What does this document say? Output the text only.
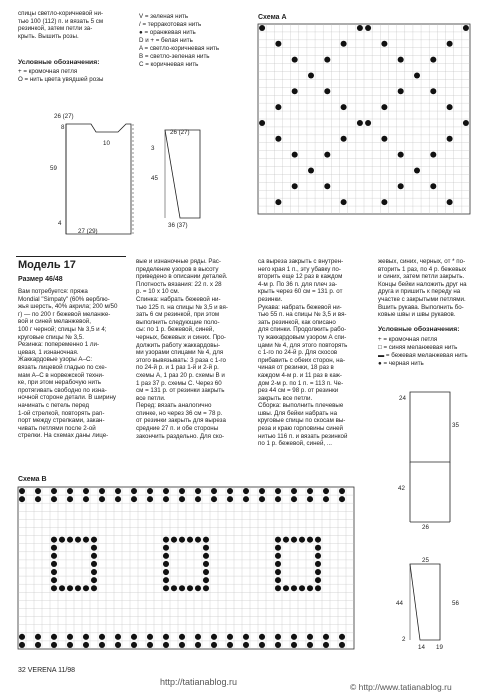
спицы светло-коричневой ни-
тью 100 (112) п. и вязать 5 см
резинкой, затем петли за-
крыть. Вышить розы.
Условные обозначения:
+ = кромочная петля
O = нить цвета увядшей розы
V = зеленая нить
/ = терракотовая нить
● = оранжевая нить
D и + = белая нить
A = светло-коричневая нить
B = светло-зеленая нить
C = коричневая нить
Схема А
26 (27)
8
59
4
27 (29)
10
26 (27)
3
45
36 (37)
Модель 17
Размер 46/48
Вам потребуется: пряжа
Mondial "Simpaty" (60% верблю-
жья шерсть, 40% акрила; 200 м/50
г) — по 200 г бежевой меланже-
вой и синей меланжевой,
100 г черной; спицы № 3,5 и 4;
круговые спицы № 3,5.
Резинка: попеременно 1 ли-
цевая, 1 изнаночная.
Жаккардовые узоры А–С:
вязать лицевой гладью по схе-
мам А–С в норвежской техни-
ке, при этом нерабочую нить
протягивать свободно по изна-
ночной стороне детали. В ширину
начинать с петель перед
1-ой стрелкой, повторять рап-
порт между стрелками, закан-
чивать петлями после 2-ой
стрелки. На схемах даны лице-
вые и изнаночные ряды. Рас-
пределение узоров в высоту
приведено в описании деталей.
Плотность вязания: 22 п. х 28
р. = 10 х 10 см.
Спинка: набрать бежевой ни-
тью 125 п. на спицы № 3,5 и вя-
зать 6 см резинкой, при этом
выполнить следующие поло-
сы: по 1 р. бежевой, синей,
черных, бежевых и синих. Про-
должить работу жаккардовы-
ми узорами спицами № 4, для
этого вывязывать: 3 раза с 1-го
по 24-й р. и 1 раз 1-й и 2-й р.
схемы А, 1 раз 20 р. схемы В и
1 раз 37 р. схемы С. Через 60
см = 131 р. от резинки закрыть
все петли.
Перед: вязать аналогично
спинке, но через 36 см = 78 р.
от резинки закрыть для выреза
средние 27 п. и обе стороны
закончить раздельно. Для ско-
са выреза закрыть с внутрен-
него края 1 п., эту убавку по-
вторить еще 12 раз в каждом
4-м р. По 36 п. для плеч за-
крыть через 60 см = 131 р. от
резинки.
Рукава: набрать бежевой ни-
тью 55 п. на спицы № 3,5 и вя-
зать резинкой, как описано
для спинки. Продолжить рабо-
ту жаккардовым узором А спи-
цами № 4, для этого повторять
с 1-го по 24-й р. Для скосов
прибавить с обеих сторон, на-
чиная от резинки, 18 раз в
каждом 4-м р. и 11 раз в каж-
дом 2-м р. по 1 п. = 113 п. Че-
рез 44 см = 98 р. от резинки
закрыть все петли.
Сборка: выполнить плечевые
швы. Для бейки набрать на
круговые спицы по скосам вы-
реза и краю горловины синей
нитью 116 п. и вязать резинкой
по 1 р. бежевой, синей, ...
жевых, синих, черных, от * по-
вторить 1 раз, по 4 р. бежевых
и синих, затем петли закрыть.
Концы бейки наложить друг на
друга и пришить к переду на
участке с закрытыми петлями.
Вшить рукава. Выполнить бо-
ковые швы и швы рукавов.
Условные обозначения:
+ = кромочная петля
□ = синяя меланжевая нить
▬ = бежевая меланжевая нить
● = черная нить
24
35
42
26
25
44	56
2
14 19
Схема В
32 VERENA 11/98
http://tatianablog.ru	© http://www.tatianablog.ru
